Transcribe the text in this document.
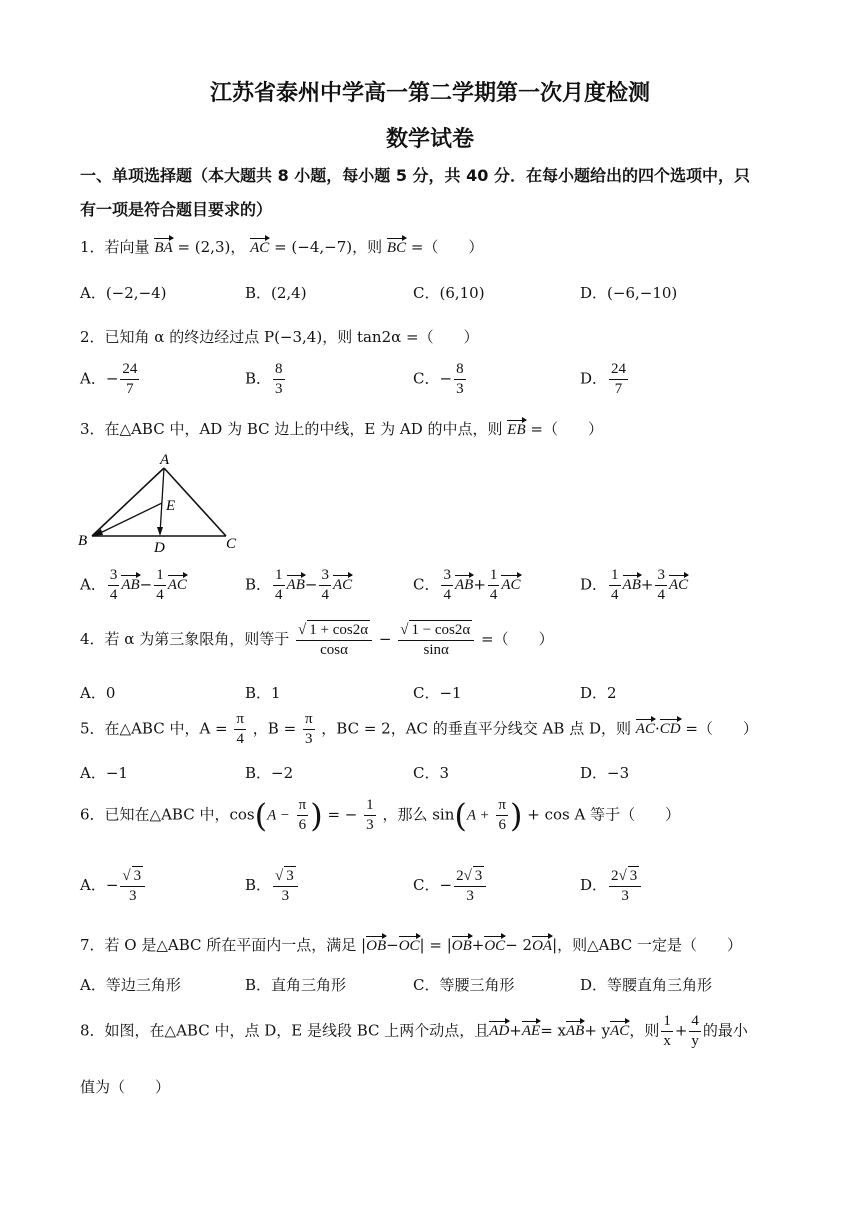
江苏省泰州中学高一第二学期第一次月度检测
数学试卷
一、单项选择题（本大题共 8 小题，每小题 5 分，共 40 分．在每小题给出的四个选项中，只
有一项是符合题目要求的）
1．若向量 BA = (2,3)， AC = (−4,−7)，则 BC =（　　）
A．(−2,−4)	B．(2,4)	C．(6,10)	D．(−6,−10)
2．已知角 α 的终边经过点 P(−3,4)，则 tan2α =（　　）
A．− $\frac{24}{7}$	B． $\frac{8}{3}$	C．− $\frac{8}{3}$	D． $\frac{24}{7}$
3．在△ABC 中，AD 为 BC 边上的中线，E 为 AD 的中点，则 EB =（　　）
A
B	C
D
E
A． $\frac{3}{4} AB- \frac{1}{4}$ AC	B． $\frac{1}{4} AB- \frac{3}{4}$ AC	C． $\frac{3}{4} AB+ \frac{1}{4}$ AC	D． $\frac{1}{4} AB+ \frac{3}{4}$ AC
4．若 α 为第三象限角，则等于 √ $\frac{1 + \cos 2\alpha}{\cos\alpha}$ − √ $\frac{1 - \cos 2\alpha}{\sin\alpha}$ =（　　）
A．0	B．1	C．−1	D．2
5．在△ABC 中，$A = \frac{\pi}{4}$ ，$B = \frac{\pi}{3}$ ，BC = 2，AC 的垂直平分线交 AB 点 D，则 AC·CD =（　　）
A．−1	B．−2	C．3	D．−3
6．已知在△ABC 中，$\cos(A - \frac{\pi}{6}$ ) = − $\frac{1}{3}$ ，那么 $\sin(A + \frac{\pi}{6}$ ) + cos A 等于（　　）
A．− √ $\frac{3}{3}$	B． √ $\frac{3}{3}$	C．− $\frac{2 √ 3}{3}$	D． $\frac{2 √ 3}{3}$
7．若 O 是△ABC 所在平面内一点，满足 |OB−OC| = |OB+OC− 2OA|，则△ABC 一定是（　　）
A．等边三角形	B．直角三角形	C．等腰三角形	D．等腰直角三角形
8．如图，在△ABC 中，点 D，E 是线段 BC 上两个动点，且AD+AE= xAB+ yAC，则 $\frac{1}{x} + \frac{4}{y}$ 的最小
值为（　　）
